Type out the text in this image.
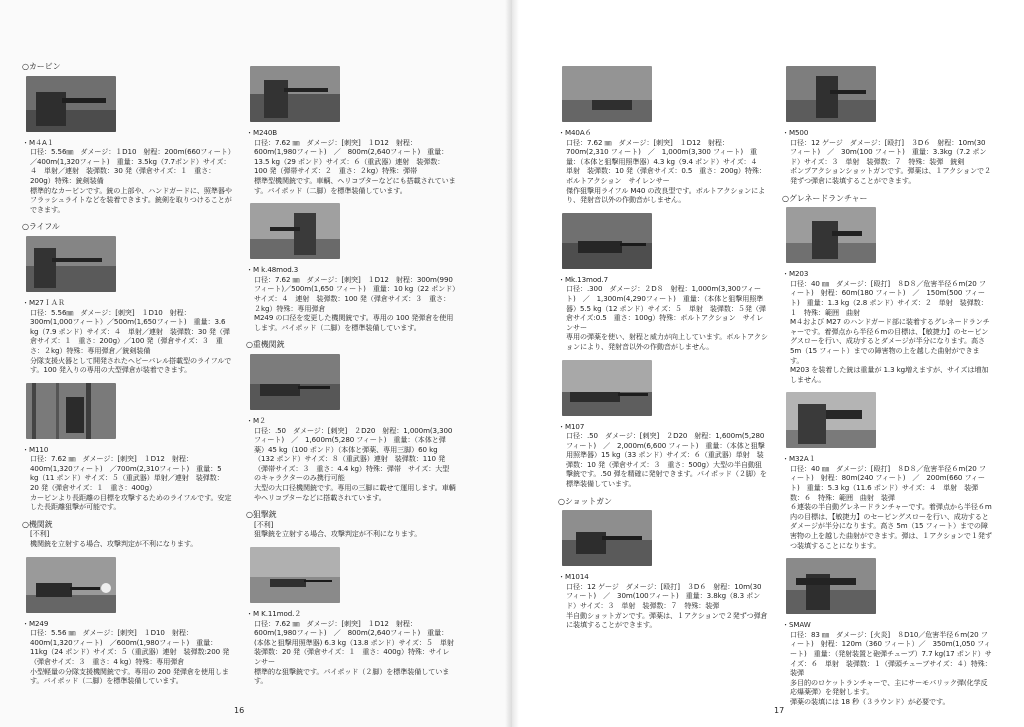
○カービン

・M４A１

口径：5.56㎜　ダメージ：１D10　射程：200m(660フィート）／400m(1,320フィート)　重量：3.5kg（7.7ポンド）サイズ：４　単射／連射　装弾数：30 発（弾倉サイズ：１　重さ：200g）特殊：銃剣装備
標準的なカービンです。銃の上部や、ハンドガードに、照準器やフラッシュライトなどを装着できます。銃剣を取りつけることができます。

○ライフル

・M27ＩＡＲ

口径：5.56㎜　ダメージ：[刺突]　１D10　射程：300m(1,000フィート）／500m(1,650フィート)　重量：3.6 kg（7.9 ポンド）サイズ：４　単射／連射　装弾数：30 発（弾倉サイズ：１　重さ：200g）／100 発（弾倉サイズ：３　重さ：２kg）特殊：専用弾倉／銃剣装備
分隊支援火器として開発されたヘビーバレル搭載型のライフルです。100 発入りの専用の大型弾倉が装着できます。

・M110

口径：7.62 ㎜　ダメージ：[刺突]　１D12　射程：400m(1,320フィート)　／700m(2,310フィート)　重量：5 kg（11 ポンド）サイズ：５（重武器）単射／連射　装弾数：20 発（弾倉サイズ：１　重さ：400g）
カービンより長距離の目標を攻撃するためのライフルです。安定した長距離狙撃が可能です。

○機関銃

[不利]
機関銃を立射する場合、攻撃判定が不利になります。

・M249

口径：5.56 ㎜　ダメージ：[刺突]　１D10　射程：400m(1,320フィート)　／600m(1,980フィート)　重量：11kg（24 ポンド）サイズ：５（重武器）連射　装弾数:200 発（弾倉サイズ：３　重さ：4 kg）特殊：専用弾倉
小型軽量の分隊支援機関銃です。専用の 200 発弾倉を使用します。バイポッド（二脚）を標準装備しています。

・M240B

口径：7.62 ㎜　ダメージ：[刺突]　１D12　射程：600m(1,980フィート)　／　800m(2,640フィート)　重量：13.5 kg（29 ポンド）サイズ：６（重武器）連射　装弾数：100 発（弾帯サイズ：２　重さ：２kg）特殊：弾帯
標準型機関銃です。車輌、ヘリコプターなどにも搭載されています。バイポッド（二脚）を標準装備しています。

・M k.48mod.3

口径：7.62 ㎜　ダメージ：[刺突]　１D12　射程：300m(990 フィート)／500m(1,650 フィート)　重量：10 kg（22 ポンド）サイズ：４　連射　装弾数：100 発（弾倉サイズ：３　重さ：２kg）特殊：専用弾倉
M249 の口径を変更した機関銃です。専用の 100 発弾倉を使用します。バイポッド（二脚）を標準装備しています。

○重機関銃

・M２

口径：.50　ダメージ：[刺突]　２D20　射程：1,000m(3,300フィート)　／　1,600m(5,280 フィート)　重量：（本体と弾薬）45 kg（100 ポンド）（本体と弾薬、専用三脚）60 kg（132 ポンド）サイズ：８（重武器）連射　装弾数：110 発（弾帯サイズ：３　重さ：4.4 kg）特殊：弾帯　サイズ：大型のキャラクターのみ携行可能
大型の大口径機関銃です。専用の三脚に載せて運用します。車輌やヘリコプターなどに搭載されています。

○狙撃銃

[不利]
狙撃銃を立射する場合、攻撃判定が不利になります。

・M K.11mod.２

口径：7.62 ㎜　ダメージ：[刺突]　１D12　射程：600m(1,980フィート)　／　800m(2,640フィート)　重量：(本体と狙撃用照準器) 6.3 kg（13.8 ポンド）サイズ：５　単射　装弾数：20 発（弾倉サイズ：１　重さ：400g）特殊：サイレンサー
標準的な狙撃銃です。バイポッド（２脚）を標準装備しています。

16

・M40A６

口径：7.62 ㎜　ダメージ：[刺突]　１D12　射程：700m(2,310 フィート)　／　1,000m(3,300 フィート)　重量：（本体と狙撃用照準器）4.3 kg（9.4 ポンド）サイズ：４　単射　装弾数：10 発（弾倉サイズ：0.5　重さ：200g）特殊：ボルトアクション　サイレンサー
傑作狙撃用ライフル M40 の改良型です。ボルトアクションにより、発射音以外の作動音がしません。

・Mk.13mod.7

口径：.300　ダメージ：２D８　射程：1,000m(3,300フィート)　／　1,300m(4,290フィート)　重量：（本体と狙撃用照準器）5.5 kg（12 ポンド）サイズ：５　単射　装弾数：５発（弾倉サイズ:0.5　重さ：100g）特殊：ボルトアクション　サイレンサー
専用の弾薬を使い、射程と威力が向上しています。ボルトアクションにより、発射音以外の作動音がしません。

・M107

口径：.50　ダメージ：[刺突]　２D20　射程：1,600m(5,280 フィート)　／　2,000m(6,600 フィート)　重量：（本体と狙撃用照準器）15 kg（33 ポンド）サイズ：６（重武器）単射　装弾数：10 発（弾倉サイズ：３　重さ：500g）大型の半自動狙撃銃です。.50 弾を精確に発射できます。バイポッド（２脚）を標準装備しています。

○ショットガン

・M1014

口径：12 ゲージ　ダメージ：[殴打]　３D６　射程：10m(30フィート)　／　30m(100フィート)　重量：3.8kg（8.3 ポンド）サイズ：３　単射　装弾数：７　特殊：装弾
半自動ショットガンです。弾薬は、１アクションで２発ずつ弾倉に装填することができます。

・M500

口径：12 ゲージ　ダメージ：[殴打]　３D６　射程：10m(30 フィート)　／　30m(100 フィート)　重量：3.3kg（7.2 ポンド）サイズ：３　単射　装弾数：７　特殊：装弾　銃剣
ポンプアクションショットガンです。弾薬は、１アクションで２発ずつ弾倉に装填することができます。

○グレネードランチャー

・M203

口径：40 ㎜　ダメージ：[殴打]　８D８／危害半径６m(20 フィート)　射程：60m(180 フィート)　／　150m(500 フィート)　重量：1.3 kg（2.8 ポンド）サイズ：２　単射　装弾数：１　特殊：範囲　曲射
M４および M27 のハンドガード部に装着するグレネードランチャーです。着弾点から半径６mの目標は、【敏捷力】のセービングスローを行い、成功するとダメージが半分になります。高さ 5m（15 フィート）までの障害物の上を越した曲射ができます。
M203 を装着した銃は重量が 1.3 kg増えますが、サイズは増加しません。

・M32A１

口径：40 ㎜　ダメージ：[殴打]　８D８／危害半径６m(20 フィート)　射程：80m(240 フィート)　／　200m(660 フィート)　重量：5.3 kg（11.6 ポンド）サイズ：４　単射　装弾数：６　特殊：範囲　曲射　装弾
６連装の半自動グレネードランチャーです。着弾点から半径６m内の目標は、【敏捷力】のセービングスローを行い、成功するとダメージが半分になります。高さ 5m（15 フィート）までの障害物の上を越した曲射ができます。弾は、１アクションで１発ずつ装填することになります。

・SMAW

口径：83 ㎜　ダメージ：[火炎]　８D10／危害半径６m(20 フィート)　射程：120m（360 フィート）／　350m(1,050 フィート)　重量：（発射装置と砲弾チューブ）7.7 kg(17 ポンド）サイズ：６　単射　装弾数：１（弾頭チューブサイズ：４）特殊：装弾
多目的のロケットランチャーで、主にサーモバリック弾(化学反応爆薬弾）を発射します。
弾薬の装填には 18 秒（３ラウンド）が必要です。

17
